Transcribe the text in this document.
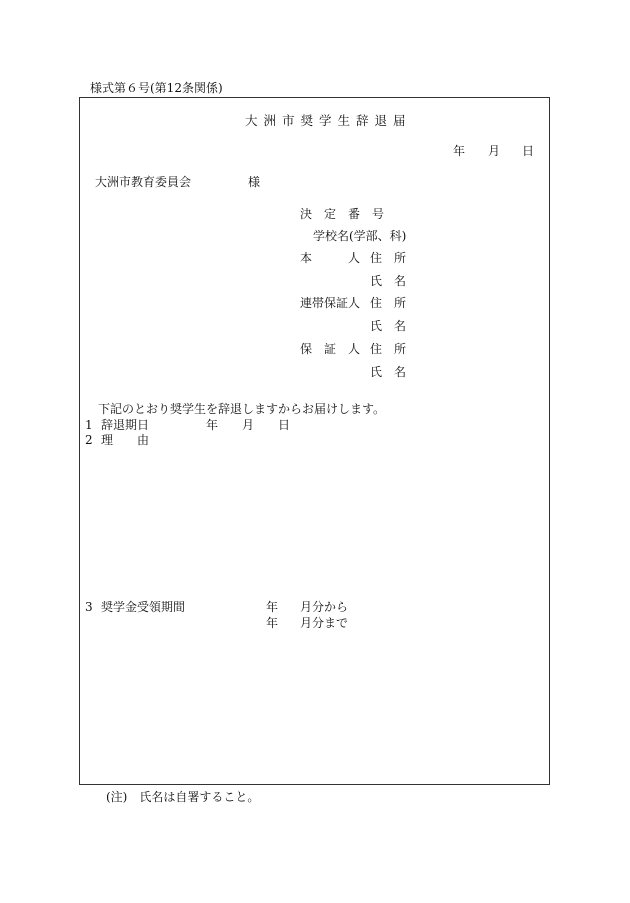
様式第６号(第12条関係)
大洲市奨学生辞退届
年 月 日
大洲市教育委員会	様
決　定　番　号
学校名(学部、科)
本　　　人 住　所
氏　名
連帯保証人 住　所
氏　名
保　証　人 住　所
氏　名
下記のとおり奨学生を辞退しますからお届けします。
1 辞退期日	年 月 日
2 理　　由
3 奨学金受領期間	年 月分から
年 月分まで
(注)　氏名は自署すること。
